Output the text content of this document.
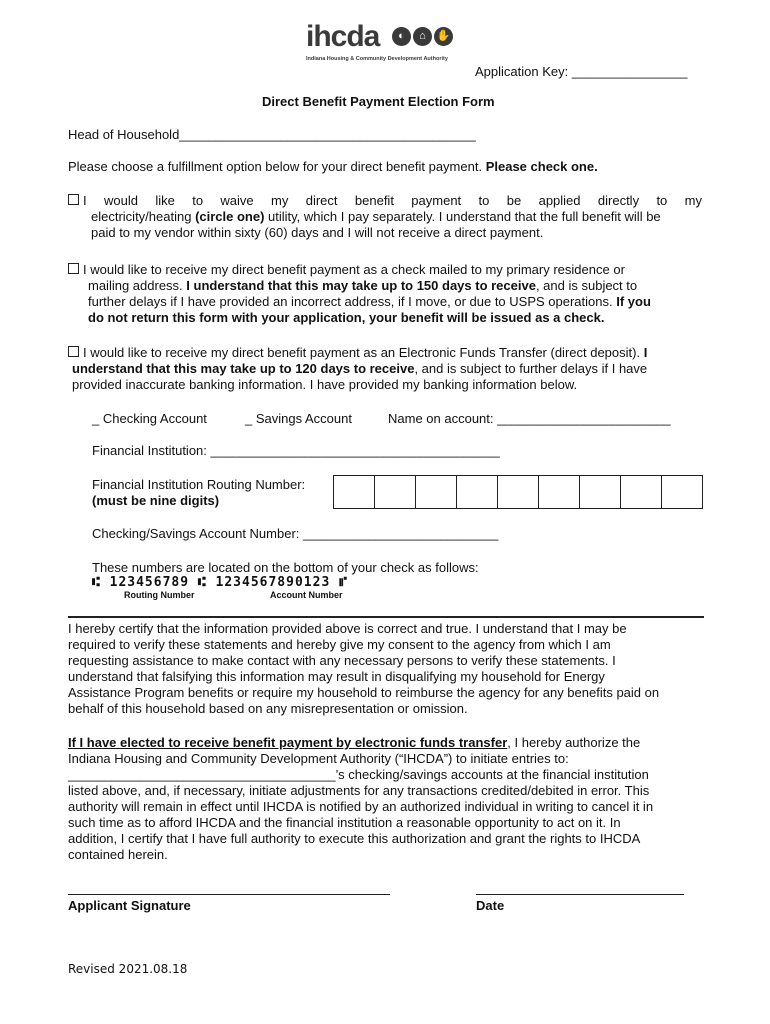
ihcda	◐ ⌂ ✋
Indiana Housing & Community Development Authority
Application Key: ________________
Direct Benefit Payment Election Form
Head of Household_________________________________________
Please choose a fulfillment option below for your direct benefit payment. Please check one.
I would like to waive my direct benefit payment to be applied directly to my
electricity/heating (circle one) utility, which I pay separately. I understand that the full benefit will be
paid to my vendor within sixty (60) days and I will not receive a direct payment.
I would like to receive my direct benefit payment as a check mailed to my primary residence or
mailing address. I understand that this may take up to 150 days to receive, and is subject to
further delays if I have provided an incorrect address, if I move, or due to USPS operations. If you
do not return this form with your application, your benefit will be issued as a check.
I would like to receive my direct benefit payment as an Electronic Funds Transfer (direct deposit). I
understand that this may take up to 120 days to receive, and is subject to further delays if I have
provided inaccurate banking information. I have provided my banking information below.
_ Checking Account	_ Savings Account	Name on account: ________________________
Financial Institution: ________________________________________
Financial Institution Routing Number:
(must be nine digits)

Checking/Savings Account Number: ___________________________
These numbers are located on the bottom of your check as follows:
⑆ 123456789 ⑆ 1234567890123 ⑈
Routing Number	Account Number
I hereby certify that the information provided above is correct and true. I understand that I may be
required to verify these statements and hereby give my consent to the agency from which I am
requesting assistance to make contact with any necessary persons to verify these statements. I
understand that falsifying this information may result in disqualifying my household for Energy
Assistance Program benefits or require my household to reimburse the agency for any benefits paid on
behalf of this household based on any misrepresentation or omission.
If I have elected to receive benefit payment by electronic funds transfer, I hereby authorize the
Indiana Housing and Community Development Authority (“IHCDA”) to initiate entries to:
_____________________________________’s checking/savings accounts at the financial institution
listed above, and, if necessary, initiate adjustments for any transactions credited/debited in error. This
authority will remain in effect until IHCDA is notified by an authorized individual in writing to cancel it in
such time as to afford IHCDA and the financial institution a reasonable opportunity to act on it. In
addition, I certify that I have full authority to execute this authorization and grant the rights to IHCDA
contained herein.
Applicant Signature	Date
Revised 2021.08.18
